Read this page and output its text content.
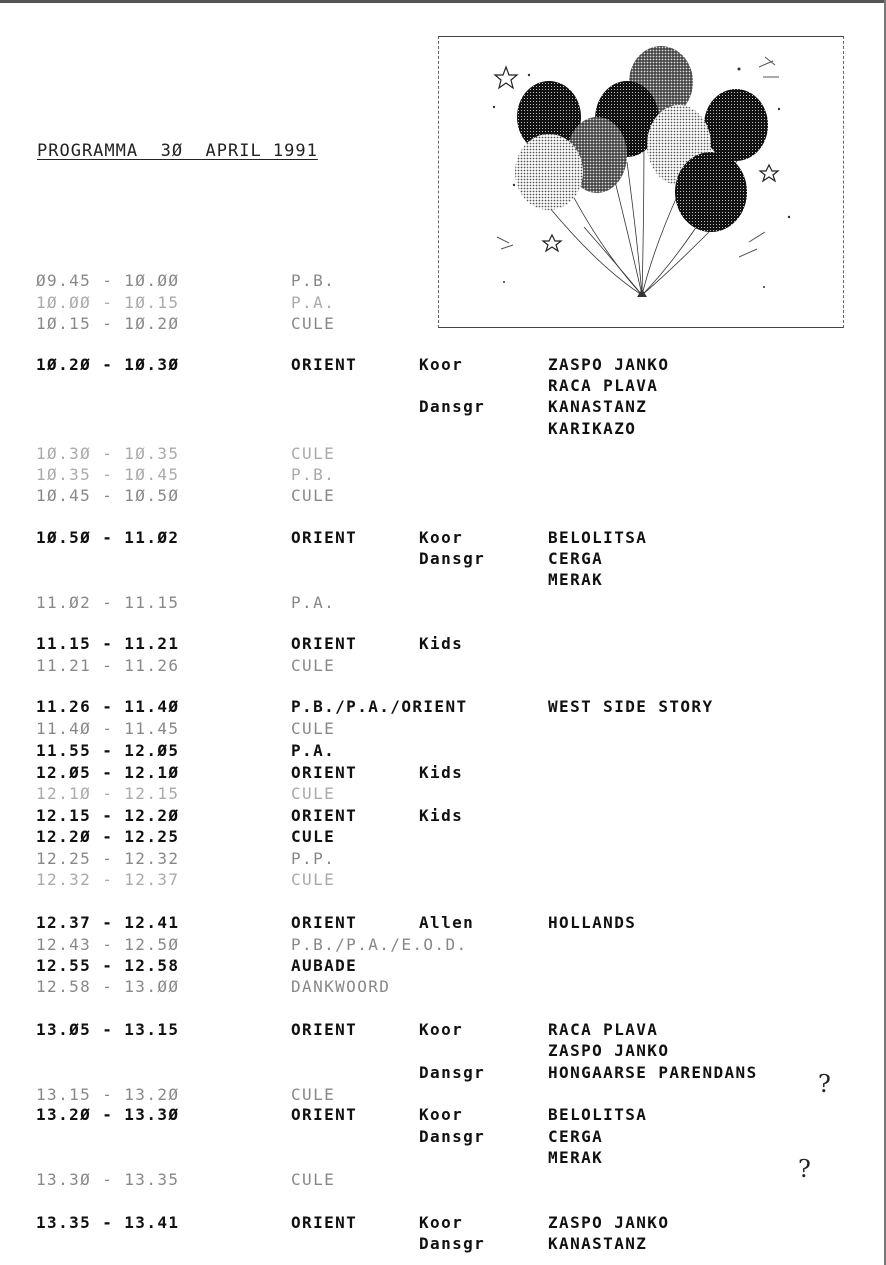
PROGRAMMA  3Ø  APRIL 1991
Ø9.45 - 1Ø.ØØ	P.B.
1Ø.ØØ - 1Ø.15	P.A.
1Ø.15 - 1Ø.2Ø	CULE
1Ø.2Ø - 1Ø.3Ø	ORIENT	Koor	ZASPO JANKO
RACA PLAVA
Dansgr	KANASTANZ
KARIKAZO
1Ø.3Ø - 1Ø.35	CULE
1Ø.35 - 1Ø.45	P.B.
1Ø.45 - 1Ø.5Ø	CULE
1Ø.5Ø - 11.Ø2	ORIENT	Koor	BELOLITSA
Dansgr	CERGA
MERAK
11.Ø2 - 11.15	P.A.
11.15 - 11.21	ORIENT	Kids
11.21 - 11.26	CULE
11.26 - 11.4Ø	P.B./P.A./ORIENT	WEST SIDE STORY
11.4Ø - 11.45	CULE
11.55 - 12.Ø5	P.A.
12.Ø5 - 12.1Ø	ORIENT	Kids
12.1Ø - 12.15	CULE
12.15 - 12.2Ø	ORIENT	Kids
12.2Ø - 12.25	CULE
12.25 - 12.32	P.P.
12.32 - 12.37	CULE
12.37 - 12.41	ORIENT	Allen	HOLLANDS
12.43 - 12.5Ø	P.B./P.A./E.O.D.
12.55 - 12.58	AUBADE
12.58 - 13.ØØ	DANKWOORD
13.Ø5 - 13.15	ORIENT	Koor	RACA PLAVA
ZASPO JANKO
Dansgr	HONGAARSE PARENDANS
13.15 - 13.2Ø	CULE
13.2Ø - 13.3Ø	ORIENT	Koor	BELOLITSA
Dansgr	CERGA
MERAK
13.3Ø - 13.35	CULE
13.35 - 13.41	ORIENT	Koor	ZASPO JANKO
Dansgr	KANASTANZ
?
?
